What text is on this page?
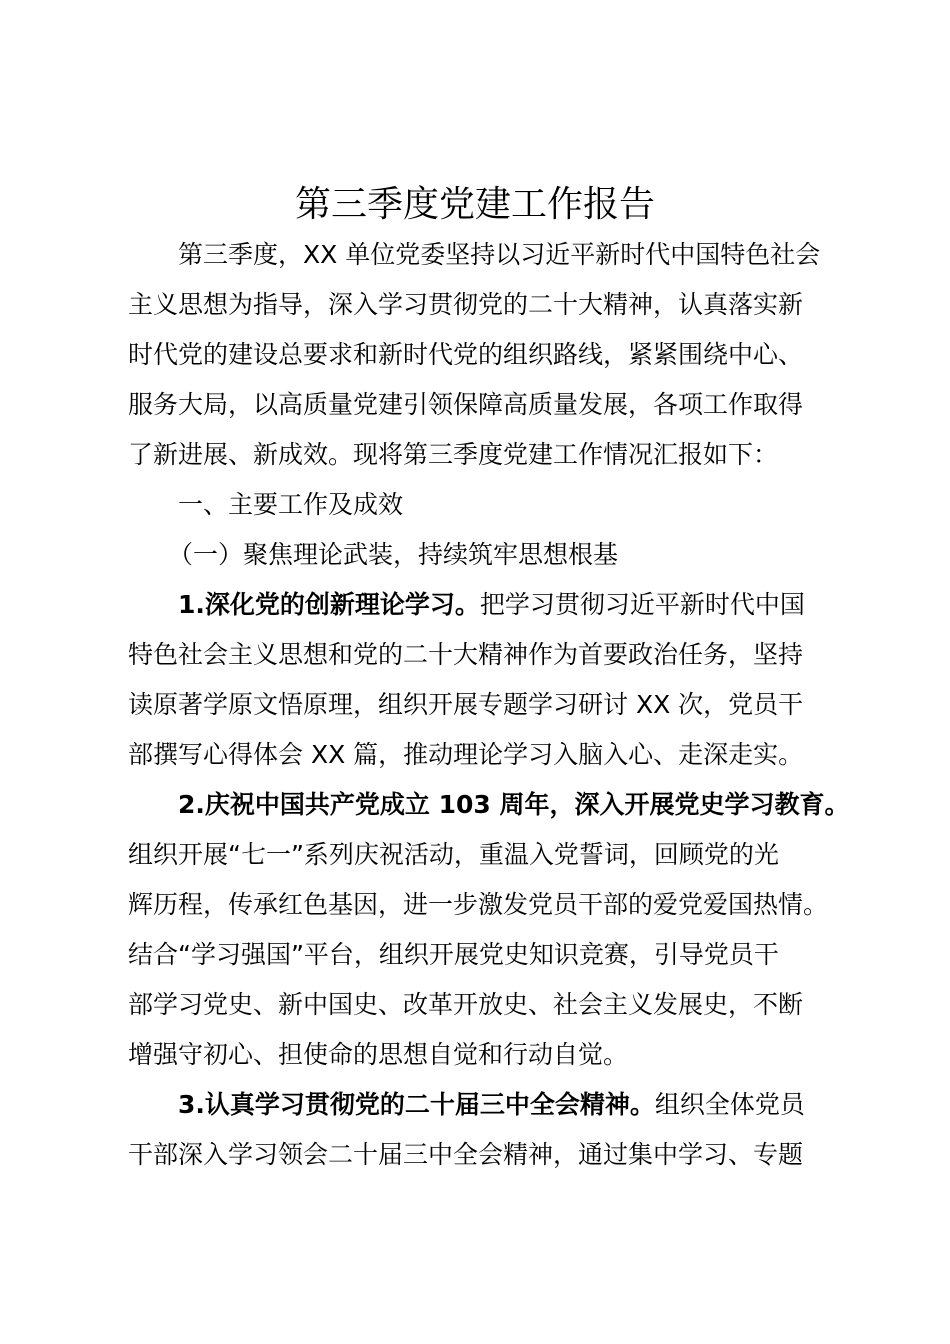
第三季度党建工作报告
第三季度，XX 单位党委坚持以习近平新时代中国特色社会
主义思想为指导，深入学习贯彻党的二十大精神，认真落实新
时代党的建设总要求和新时代党的组织路线，紧紧围绕中心、
服务大局，以高质量党建引领保障高质量发展，各项工作取得
了新进展、新成效。现将第三季度党建工作情况汇报如下：
一、主要工作及成效
（一）聚焦理论武装，持续筑牢思想根基
1.深化党的创新理论学习。把学习贯彻习近平新时代中国
特色社会主义思想和党的二十大精神作为首要政治任务，坚持
读原著学原文悟原理，组织开展专题学习研讨 XX 次，党员干
部撰写心得体会 XX 篇，推动理论学习入脑入心、走深走实。
2.庆祝中国共产党成立 103 周年，深入开展党史学习教育。
组织开展“七一”系列庆祝活动，重温入党誓词，回顾党的光
辉历程，传承红色基因，进一步激发党员干部的爱党爱国热情。
结合“学习强国”平台，组织开展党史知识竞赛，引导党员干
部学习党史、新中国史、改革开放史、社会主义发展史，不断
增强守初心、担使命的思想自觉和行动自觉。
3.认真学习贯彻党的二十届三中全会精神。组织全体党员
干部深入学习领会二十届三中全会精神，通过集中学习、专题
